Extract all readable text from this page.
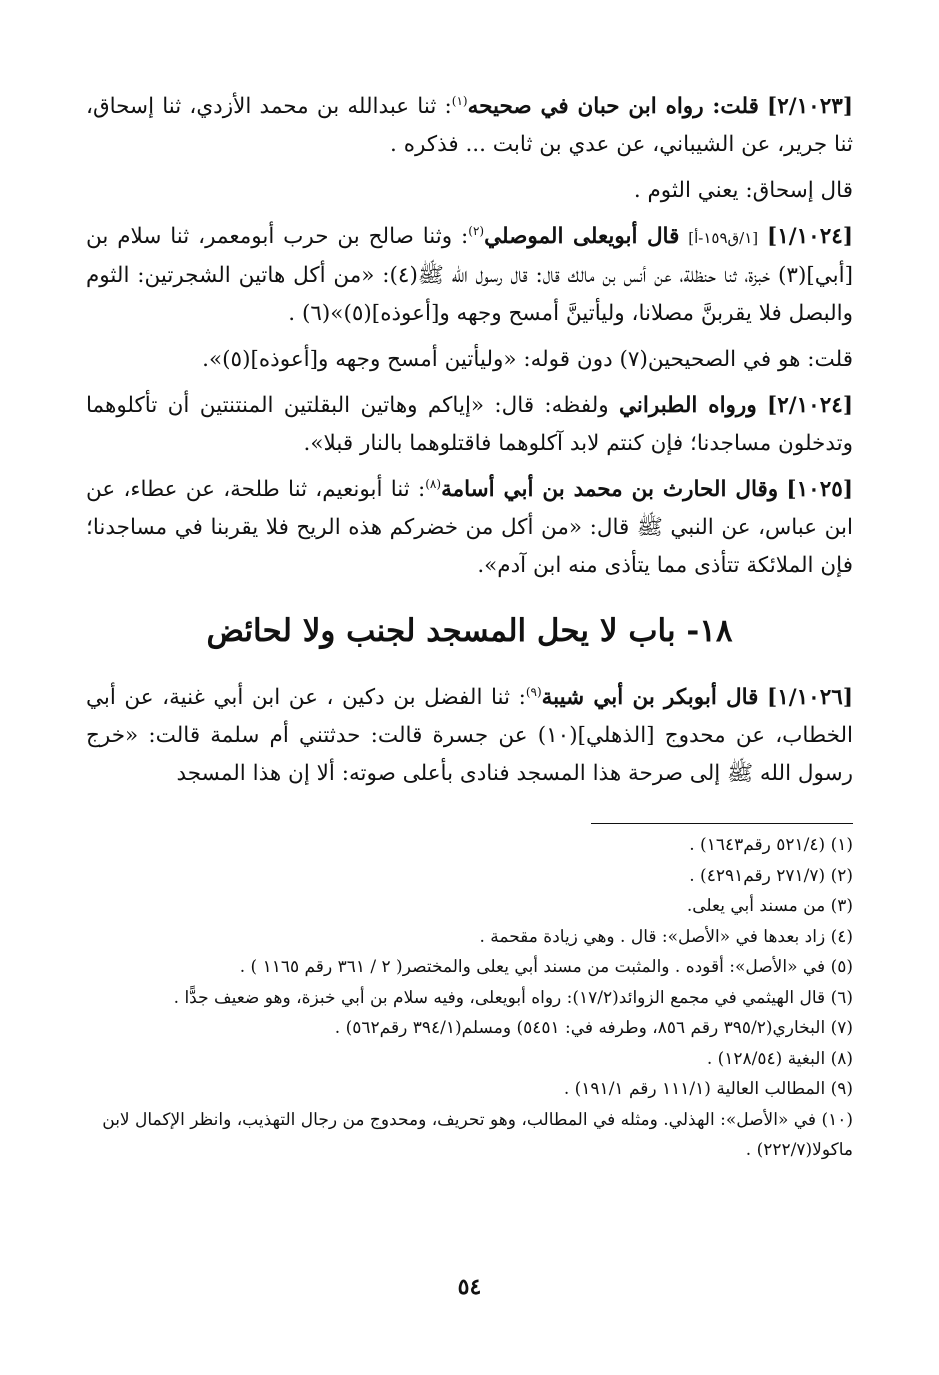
[٢/١٠٢٣] قلت: رواه ابن حبان في صحيحه$^{(١)}$: ثنا عبدالله بن محمد الأزدي، ثنا إسحاق، ثنا جرير، عن الشيباني، عن عدي بن ثابت ... فذكره .

قال إسحاق: يعني الثوم .

[١/١٠٢٤] [١/ق١٥٩-أ] قال أبويعلى الموصلي$^{(٢)}$: وثنا صالح بن حرب أبومعمر، ثنا سلام بن [أبي](٣) خبزة، ثنا حنظلة، عن أنس بن مالك قال: قال رسول الله ﷺ(٤): «من أكل هاتين الشجرتين: الثوم والبصل فلا يقربنَّ مصلانا، وليأتينَّ أمسح وجهه و[أعوذه](٥)»(٦) .

قلت: هو في الصحيحين(٧) دون قوله: «وليأتين أمسح وجهه و[أعوذه](٥)».

[٢/١٠٢٤] ورواه الطبراني ولفظه: قال: «إياكم وهاتين البقلتين المنتنتين أن تأكلوهما وتدخلون مساجدنا؛ فإن كنتم لابد آكلوهما فاقتلوهما بالنار قبلا».

[١٠٢٥] وقال الحارث بن محمد بن أبي أسامة$^{(٨)}$: ثنا أبونعيم، ثنا طلحة، عن عطاء، عن ابن عباس، عن النبي ﷺ قال: «من أكل من خضركم هذه الريح فلا يقربنا في مساجدنا؛ فإن الملائكة تتأذى مما يتأذى منه ابن آدم».

١٨- باب لا يحل المسجد لجنب ولا لحائض

[١/١٠٢٦] قال أبوبكر بن أبي شيبة$^{(٩)}$: ثنا الفضل بن دكين ، عن ابن أبي غنية، عن أبي الخطاب، عن محدوج [الذهلي](١٠) عن جسرة قالت: حدثتني أم سلمة قالت: «خرج رسول الله ﷺ إلى صرحة هذا المسجد فنادى بأعلى صوته: ألا إن هذا المسجد

(١) (٥٢١/٤ رقم١٦٤٣) .
(٢) (٢٧١/٧ رقم٤٢٩١) .
(٣) من مسند أبي يعلى.
(٤) زاد بعدها في «الأصل»: قال . وهي زيادة مقحمة .
(٥) في «الأصل»: أقوده . والمثبت من مسند أبي يعلى والمختصر( ٢ / ٣٦١ رقم ١١٦٥ ) .
(٦) قال الهيثمي في مجمع الزوائد(١٧/٢): رواه أبويعلى، وفيه سلام بن أبي خبزة، وهو ضعيف جدًّا .
(٧) البخاري(٣٩٥/٢ رقم ٨٥٦، وطرفه في: ٥٤٥١) ومسلم(٣٩٤/١ رقم٥٦٢) .
(٨) البغية (١٢٨/٥٤) .
(٩) المطالب العالية (١١١/١ رقم ١٩١/١) .
(١٠) في «الأصل»: الهذلي. ومثله في المطالب، وهو تحريف، ومحدوج من رجال التهذيب، وانظر الإكمال لابن ماكولا(٢٢٢/٧) .
٥٤
